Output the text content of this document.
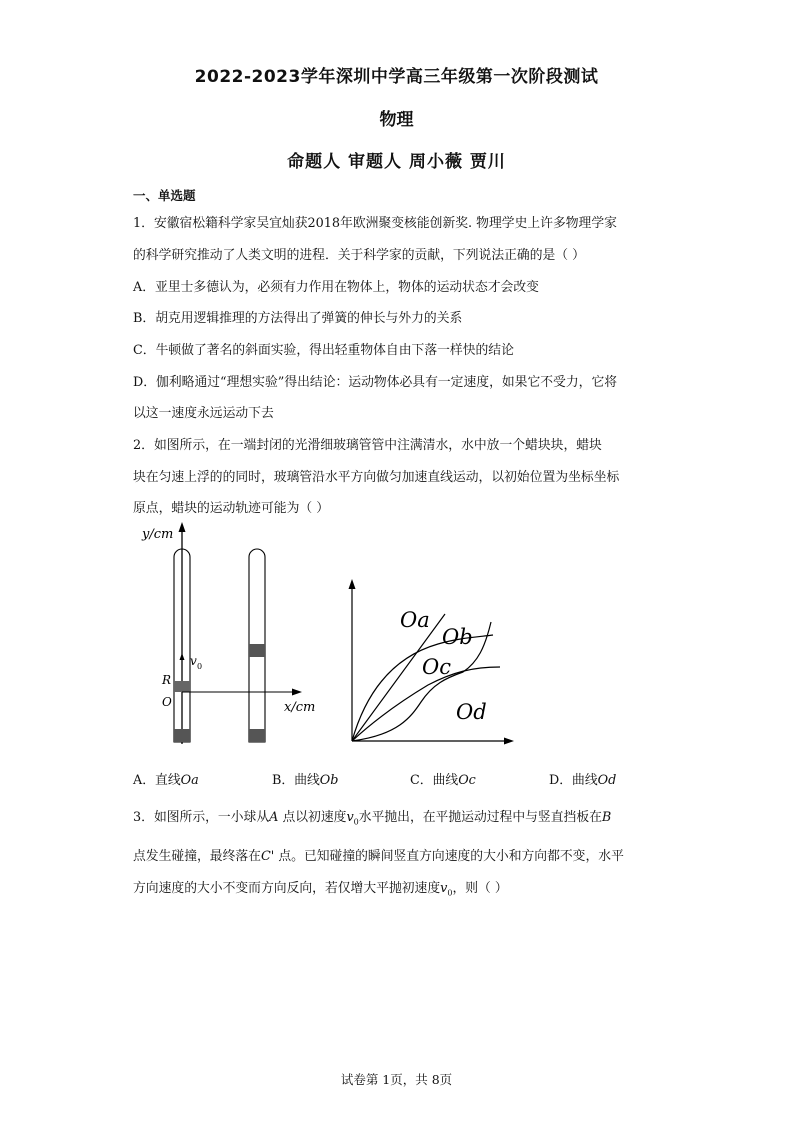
2022-2023学年深圳中学高三年级第一次阶段测试
物理
命题人 审题人 周小薇 贾川
一、单选题
1．安徽宿松籍科学家吴宜灿获2018年欧洲聚变核能创新奖. 物理学史上许多物理学家
的科学研究推动了人类文明的进程．关于科学家的贡献，下列说法正确的是（ ）
A．亚里士多德认为，必须有力作用在物体上，物体的运动状态才会改变
B．胡克用逻辑推理的方法得出了弹簧的伸长与外力的关系
C．牛顿做了著名的斜面实验，得出轻重物体自由下落一样快的结论
D．伽利略通过“理想实验”得出结论：运动物体必具有一定速度，如果它不受力，它将
以这一速度永远运动下去
2．如图所示，在一端封闭的光滑细玻璃管管中注满清水，水中放一个蜡块块，蜡块
块在匀速上浮的的同时，玻璃管沿水平方向做匀加速直线运动，以初始位置为坐标坐标
原点，蜡块的运动轨迹可能为（ ）
y/cm
v 0
R
O	x/cm
Oa
Ob
Oc
Od
A．直线Oa	B．曲线Ob	C．曲线Oc	D．曲线Od
3．如图所示，一小球从A 点以初速度$v_0$水平抛出，在平抛运动过程中与竖直挡板在B
点发生碰撞，最终落在C' 点。已知碰撞的瞬间竖直方向速度的大小和方向都不变，水平
方向速度的大小不变而方向反向，若仅增大平抛初速度$v_0$，则（ ）
试卷第 1页，共 8页
